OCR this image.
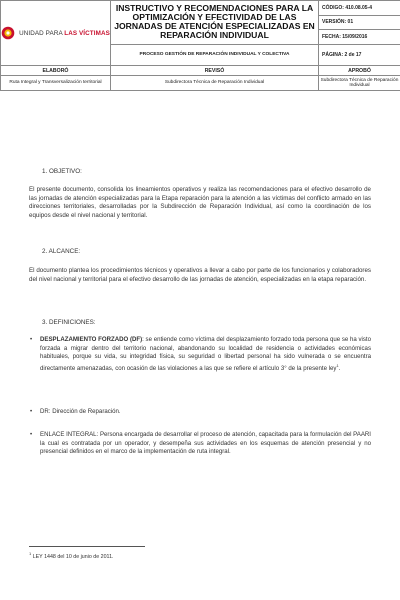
UNIDAD PARA LAS VÍCTIMAS	INSTRUCTIVO Y RECOMENDACIONES PARA LA OPTIMIZACIÓN Y EFECTIVIDAD DE LAS JORNADAS DE ATENCIÓN ESPECIALIZADAS EN REPARACIÓN INDIVIDUAL	CÓDIGO: 410.08.05-4
		VERSIÓN: 01
		FECHA: 15/09/2016
	PROCESO GESTIÓN DE REPARACIÓN INDIVIDUAL Y COLECTIVA	PÁGINA: 2 de 17
ELABORÓ	REVISÓ	APROBÓ
Ruta Integral y Transversalización territorial	Subdirectora Técnica de Reparación Individual	Subdirectora Técnica de Reparación Individual
1. OBJETIVO:
El presente documento, consolida los lineamientos operativos y realiza las recomendaciones para el efectivo desarrollo de las jornadas de atención especializadas para la Etapa reparación para la atención a las víctimas del conflicto armado en las direcciones territoriales, desarrolladas por la Subdirección de Reparación Individual, así como la coordinación de los equipos desde el nivel nacional y territorial.
2. ALCANCE:
El documento plantea los procedimientos técnicos y operativos a llevar a cabo por parte de los funcionarios y colaboradores del nivel nacional y territorial para el efectivo desarrollo de las jornadas de atención, especializadas en la etapa reparación.
3. DEFINICIONES:
•	DESPLAZAMIENTO FORZADO (DF): se entiende como víctima del desplazamiento forzado toda persona que se ha visto forzada a migrar dentro del territorio nacional, abandonando su localidad de residencia o actividades económicas habituales, porque su vida, su integridad física, su seguridad o libertad personal ha sido vulnerada o se encuentra directamente amenazadas, con ocasión de las violaciones a las que se refiere el artículo 3° de la presente ley$^1$.
•	DR: Dirección de Reparación.
•	ENLACE INTEGRAL: Persona encargada de desarrollar el proceso de atención, capacitada para la formulación del PAARI la cual es contratada por un operador, y desempeña sus actividades en los esquemas de atención presencial y no presencial definidos en el marco de la implementación de ruta integral.
$^1$ LEY 1448 del 10 de junio de 2011.
